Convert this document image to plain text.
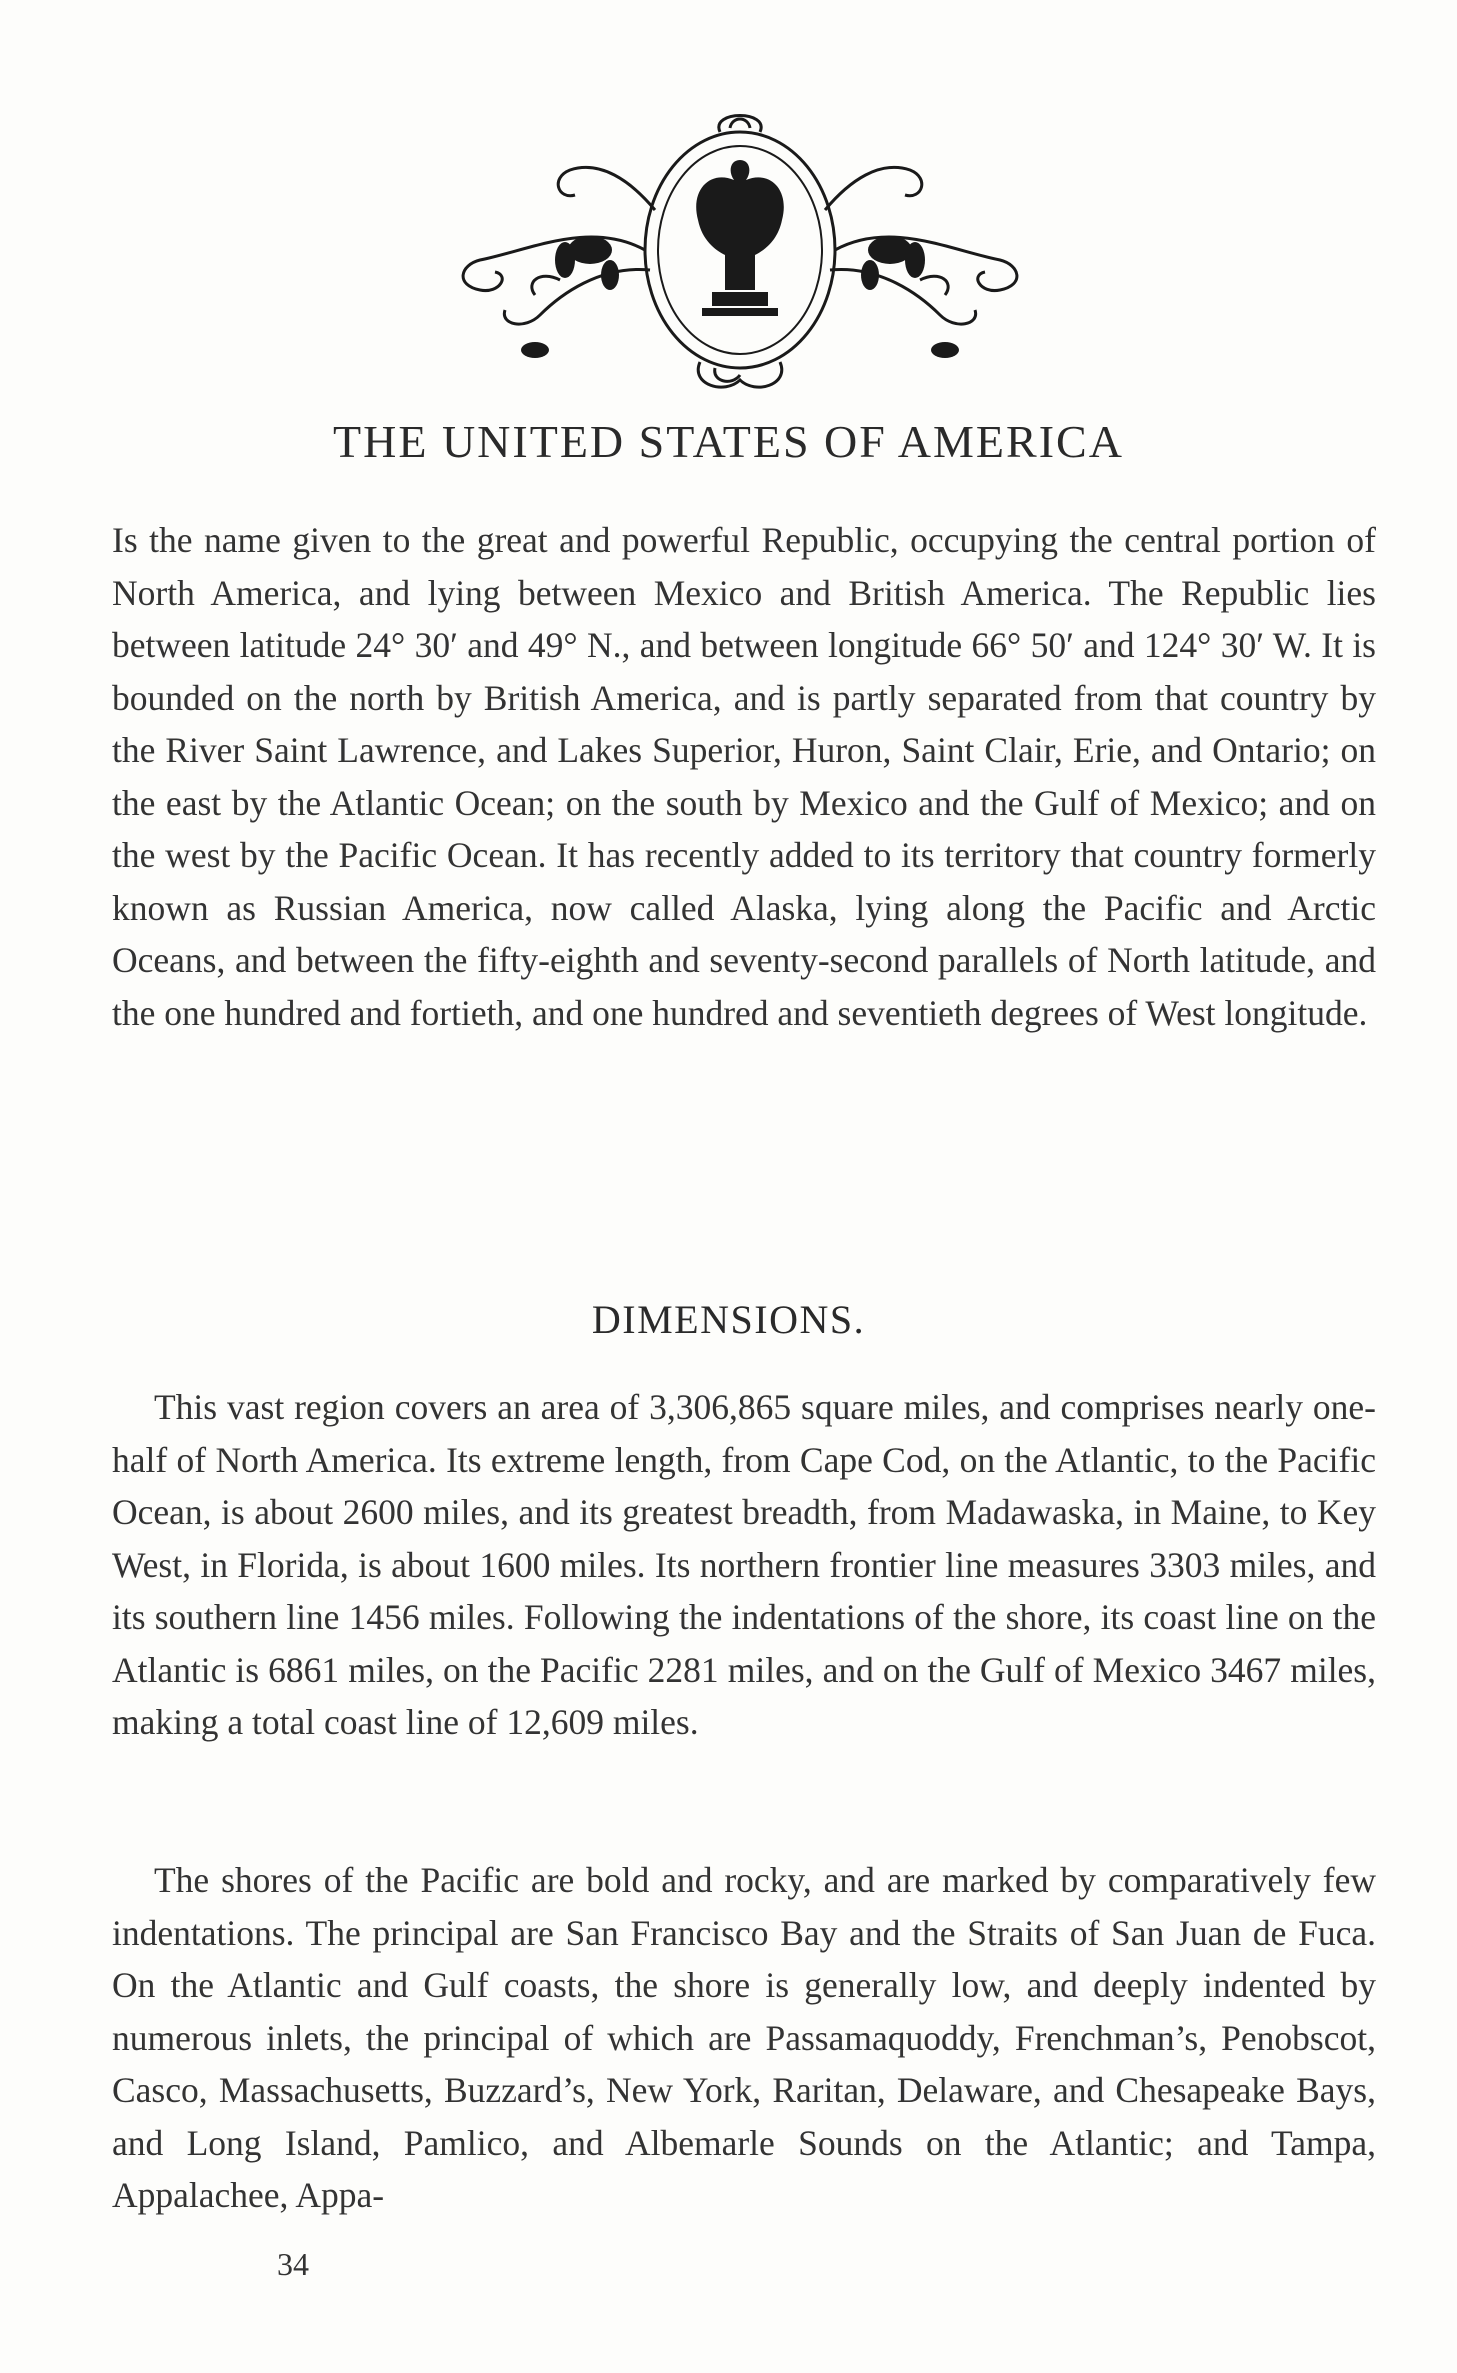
THE UNITED STATES OF AMERICA

Is the name given to the great and powerful Republic, occupying the central portion of North America, and lying between Mexico and British America. The Republic lies between latitude 24° 30′ and 49° N., and between longitude 66° 50′ and 124° 30′ W. It is bounded on the north by British America, and is partly separated from that country by the River Saint Lawrence, and Lakes Superior, Huron, Saint Clair, Erie, and Ontario; on the east by the Atlantic Ocean; on the south by Mexico and the Gulf of Mexico; and on the west by the Pacific Ocean. It has recently added to its territory that country formerly known as Russian America, now called Alaska, lying along the Pacific and Arctic Oceans, and between the fifty-eighth and seventy-second parallels of North latitude, and the one hundred and fortieth, and one hundred and seventieth degrees of West longitude.

DIMENSIONS.

This vast region covers an area of 3,306,865 square miles, and comprises nearly one-half of North America. Its extreme length, from Cape Cod, on the Atlantic, to the Pacific Ocean, is about 2600 miles, and its greatest breadth, from Madawaska, in Maine, to Key West, in Florida, is about 1600 miles. Its northern frontier line measures 3303 miles, and its southern line 1456 miles. Following the indentations of the shore, its coast line on the Atlantic is 6861 miles, on the Pacific 2281 miles, and on the Gulf of Mexico 3467 miles, making a total coast line of 12,609 miles.

The shores of the Pacific are bold and rocky, and are marked by comparatively few indentations. The principal are San Francisco Bay and the Straits of San Juan de Fuca. On the Atlantic and Gulf coasts, the shore is generally low, and deeply indented by numerous inlets, the principal of which are Passamaquoddy, Frenchman’s, Penobscot, Casco, Massachusetts, Buzzard’s, New York, Raritan, Delaware, and Chesapeake Bays, and Long Island, Pamlico, and Albemarle Sounds on the Atlantic; and Tampa, Appalachee, Appa-

34
